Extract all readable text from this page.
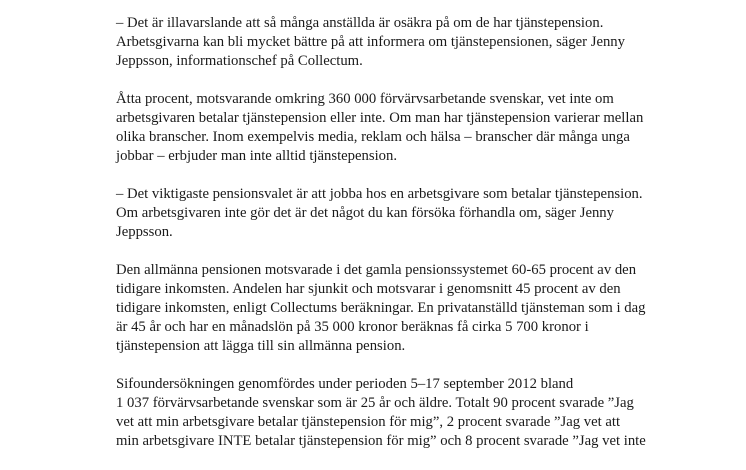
– Det är illavarslande att så många anställda är osäkra på om de har tjänstepension.
Arbetsgivarna kan bli mycket bättre på att informera om tjänstepensionen, säger Jenny
Jeppsson, informationschef på Collectum.

Åtta procent, motsvarande omkring 360 000 förvärvsarbetande svenskar, vet inte om
arbetsgivaren betalar tjänstepension eller inte. Om man har tjänstepension varierar mellan
olika branscher. Inom exempelvis media, reklam och hälsa – branscher där många unga
jobbar – erbjuder man inte alltid tjänstepension.

– Det viktigaste pensionsvalet är att jobba hos en arbetsgivare som betalar tjänstepension.
Om arbetsgivaren inte gör det är det något du kan försöka förhandla om, säger Jenny
Jeppsson.

Den allmänna pensionen motsvarade i det gamla pensionssystemet 60-65 procent av den
tidigare inkomsten. Andelen har sjunkit och motsvarar i genomsnitt 45 procent av den
tidigare inkomsten, enligt Collectums beräkningar. En privatanställd tjänsteman som i dag
är 45 år och har en månadslön på 35 000 kronor beräknas få cirka 5 700 kronor i
tjänstepension att lägga till sin allmänna pension.

Sifoundersökningen genomfördes under perioden 5–17 september 2012 bland
1 037 förvärvsarbetande svenskar som är 25 år och äldre. Totalt 90 procent svarade ”Jag
vet att min arbetsgivare betalar tjänstepension för mig”, 2 procent svarade ”Jag vet att
min arbetsgivare INTE betalar tjänstepension för mig” och 8 procent svarade ”Jag vet inte
